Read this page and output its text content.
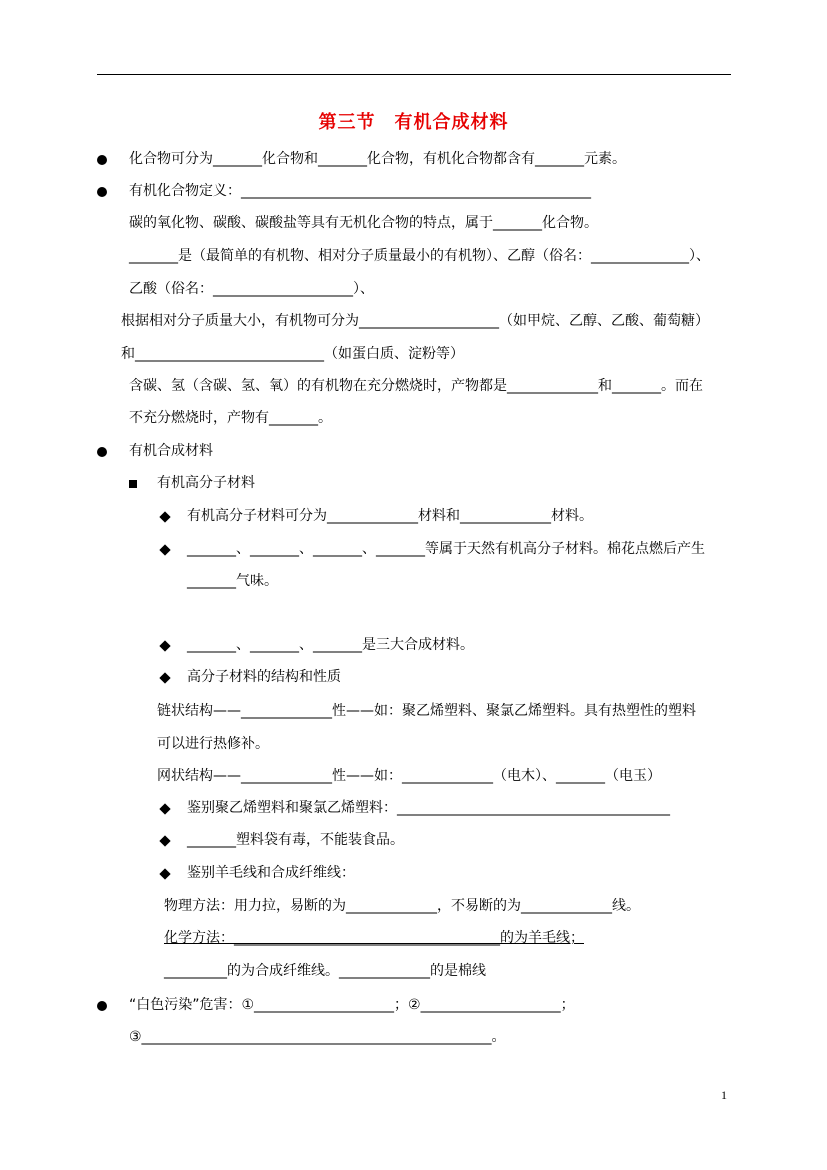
第三节　有机合成材料
化合物可分为_______化合物和_______化合物，有机化合物都含有_______元素。
有机化合物定义：__________________________________________________
碳的氧化物、碳酸、碳酸盐等具有无机化合物的特点，属于_______化合物。
_______是（最简单的有机物、相对分子质量最小的有机物）、乙醇（俗名：______________）、
乙酸（俗名：____________________）、
根据相对分子质量大小，有机物可分为____________________（如甲烷、乙醇、乙酸、葡萄糖）
和___________________________（如蛋白质、淀粉等）
含碳、氢（含碳、氢、氧）的有机物在充分燃烧时，产物都是_____________和_______。而在
不充分燃烧时，产物有_______。
有机合成材料
有机高分子材料
有机高分子材料可分为_____________材料和_____________材料。
_______、_______、_______、_______等属于天然有机高分子材料。棉花点燃后产生
_______气味。
_______、_______、_______是三大合成材料。
高分子材料的结构和性质
链状结构——_____________性——如：聚乙烯塑料、聚氯乙烯塑料。具有热塑性的塑料
可以进行热修补。
网状结构——_____________性——如：_____________（电木）、_______（电玉）
鉴别聚乙烯塑料和聚氯乙烯塑料：_______________________________________
_______塑料袋有毒，不能装食品。
鉴别羊毛线和合成纤维线：
物理方法：用力拉，易断的为_____________，不易断的为_____________线。
化学方法：______________________________________的为羊毛线；
_________的为合成纤维线。_____________的是棉线
“白色污染”危害：①____________________；②____________________；
③__________________________________________________。
1
